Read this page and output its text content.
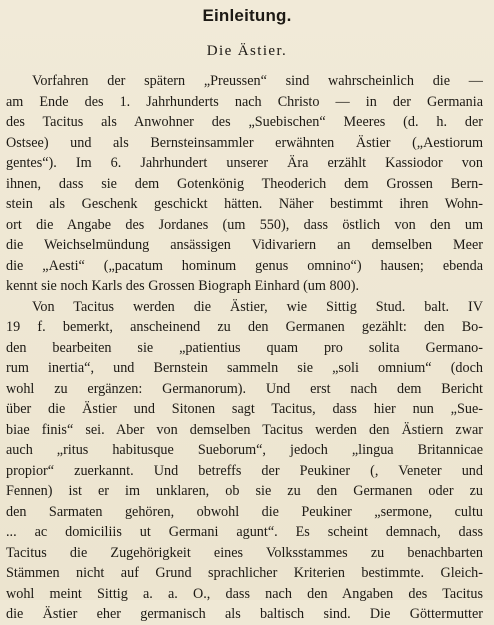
Einleitung.
Die Ästier.
Vorfahren der spätern „Preussen“ sind wahrscheinlich die —
am Ende des 1. Jahrhunderts nach Christo — in der Germania
des Tacitus als Anwohner des „Suebischen“ Meeres (d. h. der
Ostsee) und als Bernsteinsammler erwähnten Ästier („Aestiorum
gentes“). Im 6. Jahrhundert unserer Ära erzählt Kassiodor von
ihnen, dass sie dem Gotenkönig Theoderich dem Grossen Bern-
stein als Geschenk geschickt hätten. Näher bestimmt ihren Wohn-
ort die Angabe des Jordanes (um 550), dass östlich von den um
die Weichselmündung ansässigen Vidivariern an demselben Meer
die „Aesti“ („pacatum hominum genus omnino“) hausen; ebenda
kennt sie noch Karls des Grossen Biograph Einhard (um 800).
Von Tacitus werden die Ästier, wie Sittig Stud. balt. IV
19 f. bemerkt, anscheinend zu den Germanen gezählt: den Bo-
den bearbeiten sie „patientius quam pro solita Germano-
rum inertia“, und Bernstein sammeln sie „soli omnium“ (doch
wohl zu ergänzen: Germanorum). Und erst nach dem Bericht
über die Ästier und Sitonen sagt Tacitus, dass hier nun „Sue-
biae finis“ sei. Aber von demselben Tacitus werden den Ästiern zwar
auch „ritus habitusque Sueborum“, jedoch „lingua Britannicae
propior“ zuerkannt. Und betreffs der Peukiner (, Veneter und
Fennen) ist er im unklaren, ob sie zu den Germanen oder zu
den Sarmaten gehören, obwohl die Peukiner „sermone, cultu
... ac domiciliis ut Germani agunt“. Es scheint demnach, dass
Tacitus die Zugehörigkeit eines Volksstammes zu benachbarten
Stämmen nicht auf Grund sprachlicher Kriterien bestimmte. Gleich-
wohl meint Sittig a. a. O., dass nach den Angaben des Tacitus
die Ästier eher germanisch als baltisch sind. Die Göttermutter
